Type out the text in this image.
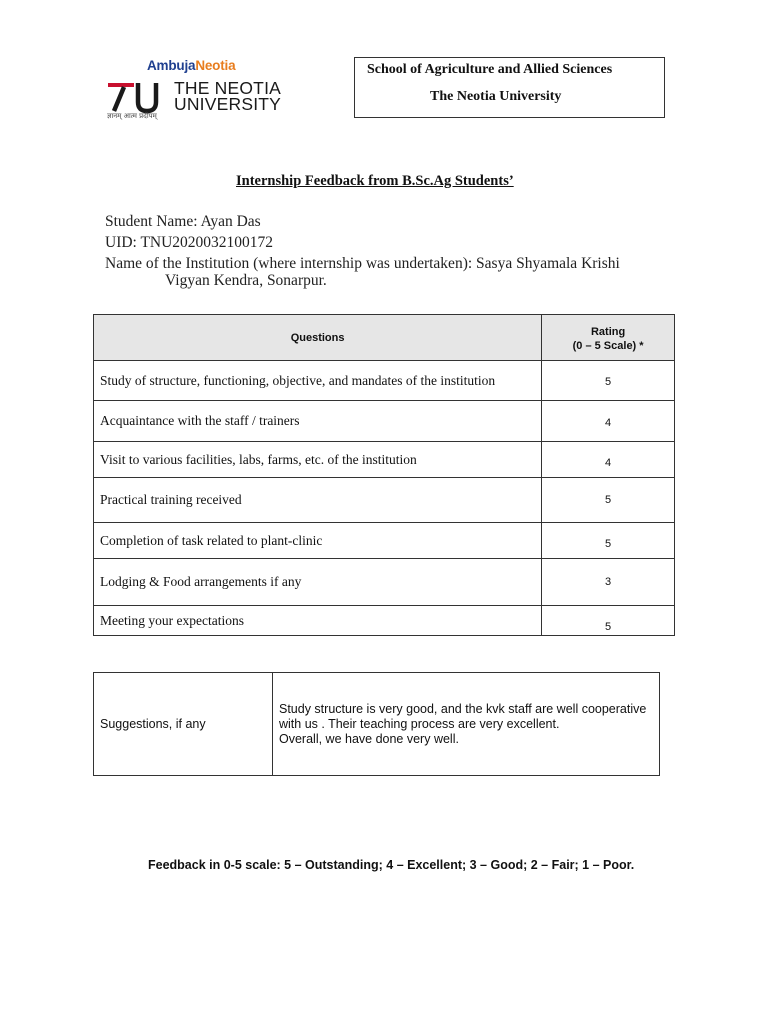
AmbujaNeotia
THE NEOTIA
UNIVERSITY
ज्ञानम् आत्म प्रदीपम्
School of Agriculture and Allied Sciences
The Neotia University
Internship Feedback from B.Sc.Ag Students’
Student Name: Ayan Das
UID: TNU2020032100172
Name of the Institution (where internship was undertaken): Sasya Shyamala Krishi
Vigyan Kendra, Sonarpur.
Questions	Rating
(0 – 5 Scale) *

Study of structure, functioning, objective, and mandates of the institution	5
Acquaintance with the staff / trainers	4
Visit to various facilities, labs, farms, etc. of the institution	4
Practical training received	5
Completion of task related to plant-clinic	5
Lodging & Food arrangements if any	3
Meeting your expectations	5
Suggestions, if any	
Study structure is very good, and the kvk staff are well cooperative
with us . Their teaching process are very excellent.
Overall, we have done very well.
Feedback in 0-5 scale: 5 – Outstanding; 4 – Excellent; 3 – Good; 2 – Fair; 1 – Poor.
